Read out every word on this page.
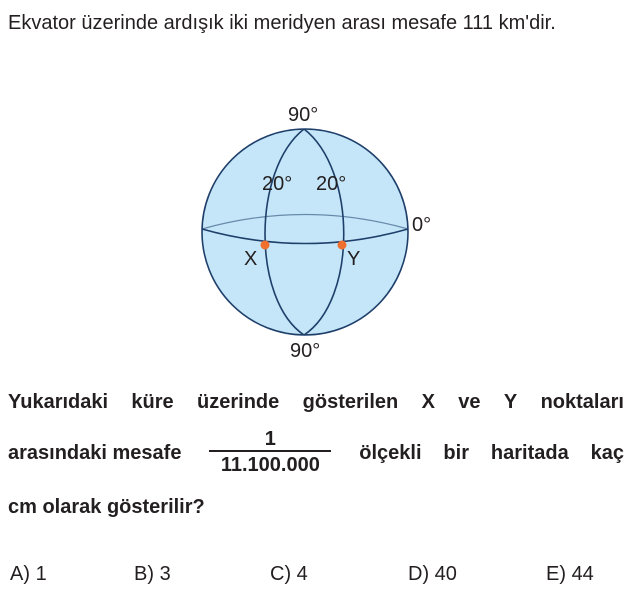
Ekvator üzerinde ardışık iki meridyen arası mesafe 111 km'dir.

90°
20° 20°
0°
X	Y
90°
Yukarıdaki küre üzerinde gösterilen X ve Y noktaları
arasındaki mesafe $\frac{1}{11.100.000}$ ölçekli bir haritada kaç
cm olarak gösterilir?
A) 1	B) 3	C) 4	D) 40	E) 44
